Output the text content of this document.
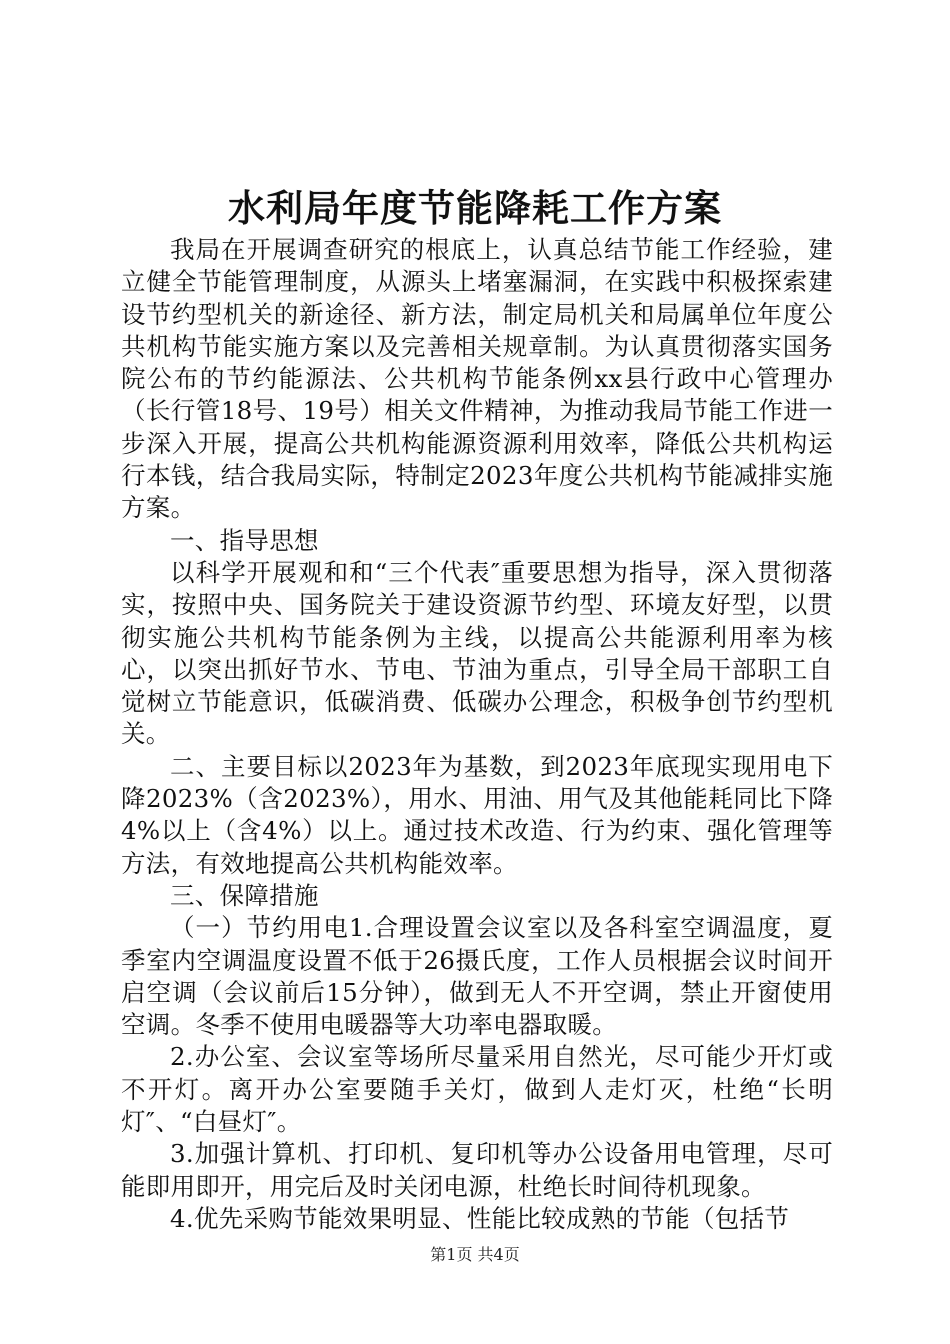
水利局年度节能降耗工作方案

我局在开展调查研究的根底上，认真总结节能工作经验，建立健全节能管理制度，从源头上堵塞漏洞，在实践中积极探索建设节约型机关的新途径、新方法，制定局机关和局属单位年度公共机构节能实施方案以及完善相关规章制。为认真贯彻落实国务院公布的节约能源法、公共机构节能条例xx县行政中心管理办（长行管18号、19号）相关文件精神，为推动我局节能工作进一步深入开展，提高公共机构能源资源利用效率，降低公共机构运行本钱，结合我局实际，特制定2023年度公共机构节能减排实施方案。

一、指导思想

以科学开展观和和“三个代表″重要思想为指导，深入贯彻落实，按照中央、国务院关于建设资源节约型、环境友好型，以贯彻实施公共机构节能条例为主线，以提高公共能源利用率为核心，以突出抓好节水、节电、节油为重点，引导全局干部职工自觉树立节能意识，低碳消费、低碳办公理念，积极争创节约型机关。

二、主要目标以2023年为基数，到2023年底现实现用电下降2023%（含2023%），用水、用油、用气及其他能耗同比下降4%以上（含4%）以上。通过技术改造、行为约束、强化管理等方法，有效地提高公共机构能效率。

三、保障措施

（一）节约用电1.合理设置会议室以及各科室空调温度，夏季室内空调温度设置不低于26摄氏度，工作人员根据会议时间开启空调（会议前后15分钟），做到无人不开空调，禁止开窗使用空调。冬季不使用电暖器等大功率电器取暖。

2.办公室、会议室等场所尽量采用自然光，尽可能少开灯或不开灯。离开办公室要随手关灯，做到人走灯灭，杜绝“长明灯″、“白昼灯″。

3.加强计算机、打印机、复印机等办公设备用电管理，尽可能即用即开，用完后及时关闭电源，杜绝长时间待机现象。

4.优先采购节能效果明显、性能比较成熟的节能（包括节

第1页 共4页
